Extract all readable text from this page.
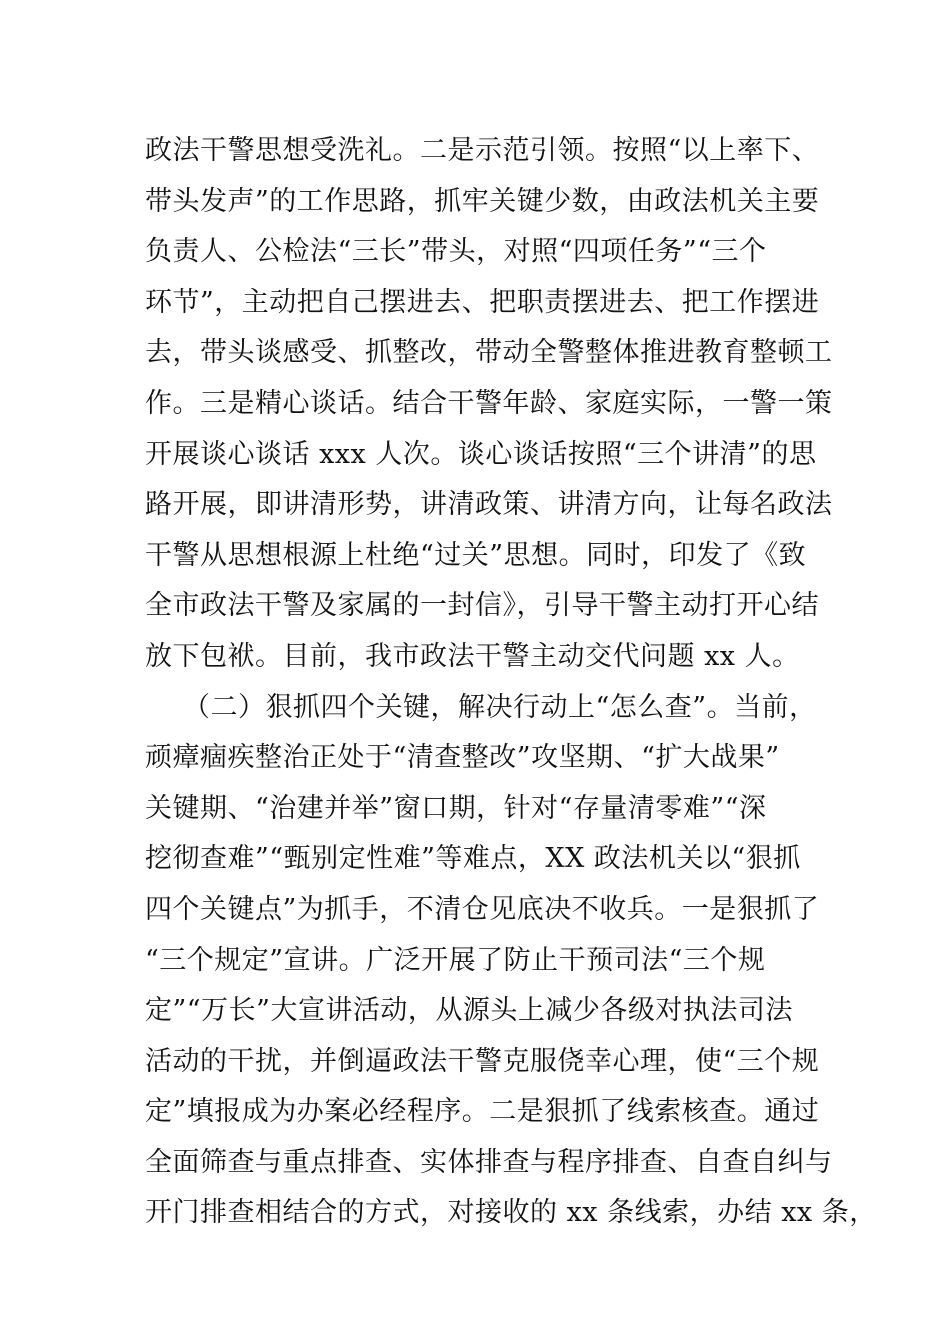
政法干警思想受洗礼。二是示范引领。按照“以上率下、
带头发声”的工作思路，抓牢关键少数，由政法机关主要
负责人、公检法“三长”带头，对照“四项任务”“三个
环节”，主动把自己摆进去、把职责摆进去、把工作摆进
去，带头谈感受、抓整改，带动全警整体推进教育整顿工
作。三是精心谈话。结合干警年龄、家庭实际，一警一策
开展谈心谈话 xxx 人次。谈心谈话按照“三个讲清”的思
路开展，即讲清形势，讲清政策、讲清方向，让每名政法
干警从思想根源上杜绝“过关”思想。同时，印发了《致
全市政法干警及家属的一封信》，引导干警主动打开心结
放下包袱。目前，我市政法干警主动交代问题 xx 人。
（二）狠抓四个关键，解决行动上“怎么查”。当前，
顽瘴痼疾整治正处于“清查整改”攻坚期、“扩大战果”
关键期、“治建并举”窗口期，针对“存量清零难”“深
挖彻查难”“甄别定性难”等难点，XX 政法机关以“狠抓
四个关键点”为抓手，不清仓见底决不收兵。一是狠抓了
“三个规定”宣讲。广泛开展了防止干预司法“三个规
定”“万长”大宣讲活动，从源头上减少各级对执法司法
活动的干扰，并倒逼政法干警克服侥幸心理，使“三个规
定”填报成为办案必经程序。二是狠抓了线索核查。通过
全面筛查与重点排查、实体排查与程序排查、自查自纠与
开门排查相结合的方式，对接收的 xx 条线索，办结 xx 条，
